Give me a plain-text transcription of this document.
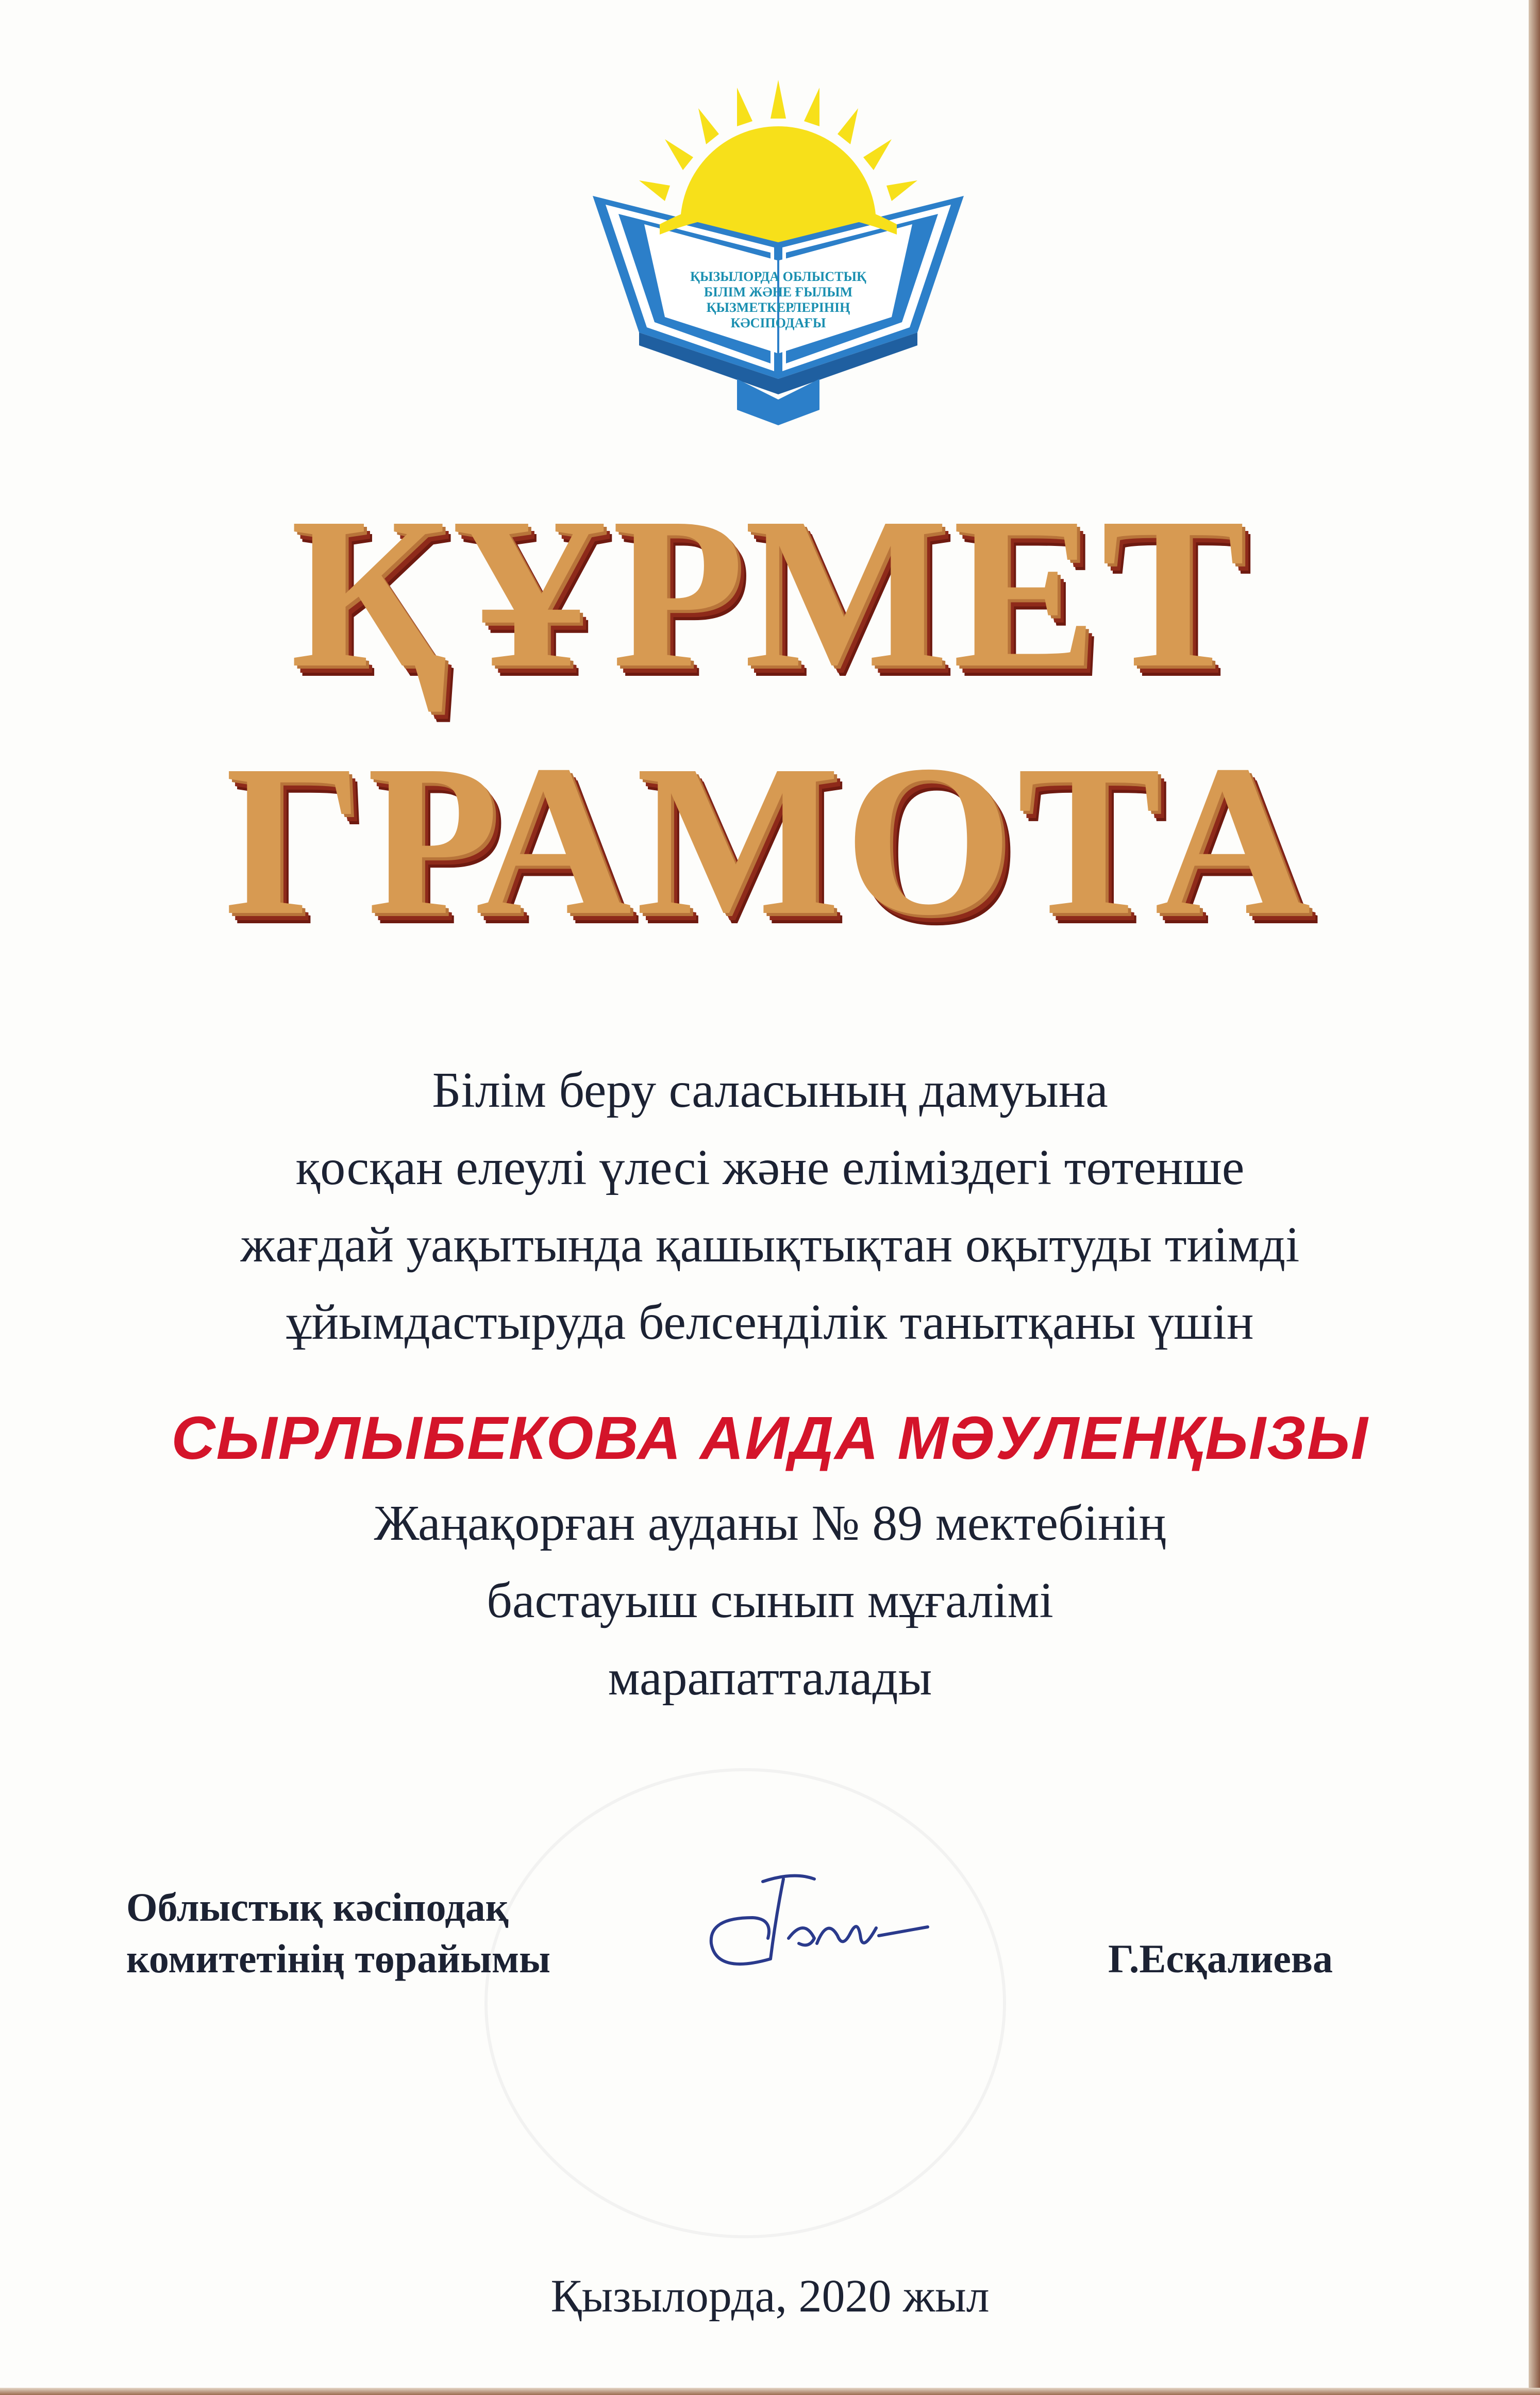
ҚЫЗЫЛОРДА ОБЛЫСТЫҚ
БІЛІМ ЖӘНЕ ҒЫЛЫМ
ҚЫЗМЕТКЕРЛЕРІНІҢ
КӘСІПОДАҒЫ
ҚҰРМЕТ
ГРАМОТА
Білім беру саласының дамуына
қосқан елеулі үлесі және еліміздегі төтенше
жағдай уақытында қашықтықтан оқытуды тиімді
ұйымдастыруда белсенділік танытқаны үшін
СЫРЛЫБЕКОВА АИДА МӘУЛЕНҚЫЗЫ
Жаңақорған ауданы № 89 мектебінің
бастауыш сынып мұғалімі
марапатталады
Облыстық кәсіподақ
комитетінің төрайымы	Г.Есқалиева
Қызылорда, 2020 жыл
